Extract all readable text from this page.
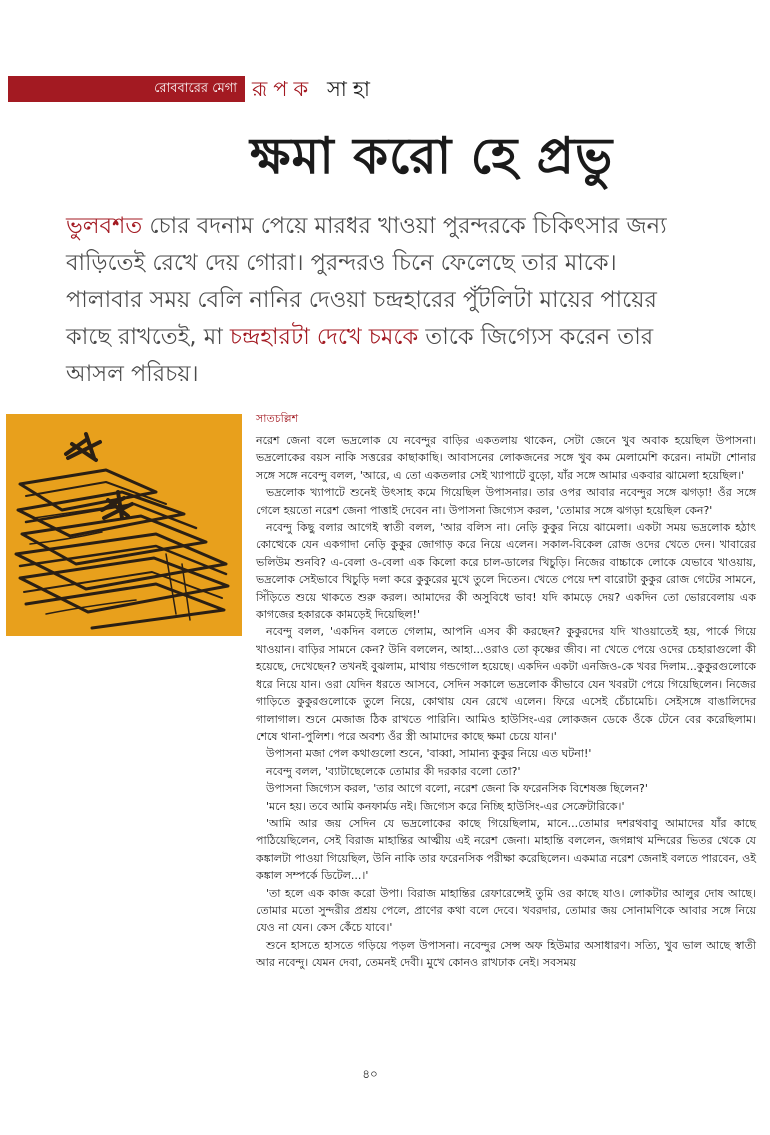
রোববারের মেগা রূপক সাহা
ক্ষমা করো হে প্রভু
ভুলবশত চোর বদনাম পেয়ে মারধর খাওয়া পুরন্দরকে চিকিৎসার জন্য বাড়িতেই রেখে দেয় গোরা। পুরন্দরও চিনে ফেলেছে তার মাকে। পালাবার সময় বেলি নানির দেওয়া চন্দ্রহারের পুঁটলিটা মায়ের পায়ের কাছে রাখতেই, মা চন্দ্রহারটা দেখে চমকে তাকে জিগ্যেস করেন তার আসল পরিচয়।
সাতচল্লিশ

নরেশ জেনা বলে ভদ্রলোক যে নবেন্দুর বাড়ির একতলায় থাকেন, সেটা জেনে খুব অবাক হয়েছিল উপাসনা। ভদ্রলোকের বয়স নাকি সত্তরের কাছাকাছি। আবাসনের লোকজনের সঙ্গে খুব কম মেলামেশি করেন। নামটা শোনার সঙ্গে সঙ্গে নবেন্দু বলল, 'আরে, এ তো একতলার সেই খ্যাপাটে বুড়ো, যাঁর সঙ্গে আমার একবার ঝামেলা হয়েছিল।'

ভদ্রলোক খ্যাপাটে শুনেই উৎসাহ কমে গিয়েছিল উপাসনার। তার ওপর আবার নবেন্দুর সঙ্গে ঝগড়া! ওঁর সঙ্গে গেলে হয়তো নরেশ জেনা পাত্তাই দেবেন না। উপাসনা জিগ্যেস করল, 'তোমার সঙ্গে ঝগড়া হয়েছিল কেন?'

নবেন্দু কিছু বলার আগেই স্বাতী বলল, 'আর বলিস না। নেড়ি কুকুর নিয়ে ঝামেলা। একটা সময় ভদ্রলোক হঠাৎ কোত্থেকে যেন একগাদা নেড়ি কুকুর জোগাড় করে নিয়ে এলেন। সকাল-বিকেল রোজ ওদের খেতে দেন। খাবারের ভলিউম শুনবি? এ-বেলা ও-বেলা এক কিলো করে চাল-ডালের খিচুড়ি। নিজের বাচ্চাকে লোকে যেভাবে খাওয়ায়, ভদ্রলোক সেইভাবে খিচুড়ি দলা করে কুকুরের মুখে তুলে দিতেন। খেতে পেয়ে দশ বারোটা কুকুর রোজ গেটের সামনে, সিঁড়িতে শুয়ে থাকতে শুরু করল। আমাদের কী অসুবিধে ভাব! যদি কামড়ে দেয়? একদিন তো ভোরবেলায় এক কাগজের হকারকে কামড়েই দিয়েছিল!'

নবেন্দু বলল, 'একদিন বলতে গেলাম, আপনি এসব কী করছেন? কুকুরদের যদি খাওয়াতেই হয়, পার্কে গিয়ে খাওয়ান। বাড়ির সামনে কেন? উনি বললেন, আহা...ওরাও তো কৃষ্ণের জীব। না খেতে পেয়ে ওদের চেহারাগুলো কী হয়েছে, দেখেছেন? তখনই বুঝলাম, মাথায় গন্ডগোল হয়েছে। একদিন একটা এনজিও-কে খবর দিলাম...কুকুরগুলোকে ধরে নিয়ে যান। ওরা যেদিন ধরতে আসবে, সেদিন সকালে ভদ্রলোক কীভাবে যেন খবরটা পেয়ে গিয়েছিলেন। নিজের গাড়িতে কুকুরগুলোকে তুলে নিয়ে, কোথায় যেন রেখে এলেন। ফিরে এসেই চেঁচামেচি। সেইসঙ্গে বাঙালিদের গালাগাল। শুনে মেজাজ ঠিক রাখতে পারিনি। আমিও হাউসিং-এর লোকজন ডেকে ওঁকে টেনে বের করেছিলাম। শেষে থানা-পুলিশ। পরে অবশ্য ওঁর স্ত্রী আমাদের কাছে ক্ষমা চেয়ে যান।'

উপাসনা মজা পেল কথাগুলো শুনে, 'বাব্বা, সামান্য কুকুর নিয়ে এত ঘটনা!'

নবেন্দু বলল, 'ব্যাটাছেলেকে তোমার কী দরকার বলো তো?'

উপাসনা জিগ্যেস করল, 'তার আগে বলো, নরেশ জেনা কি ফরেনসিক বিশেষজ্ঞ ছিলেন?'

'মনে হয়। তবে আমি কনফার্মড নই। জিগ্যেস করে নিচ্ছি হাউসিং-এর সেক্রেটারিকে।'

'আমি আর জয় সেদিন যে ভদ্রলোকের কাছে গিয়েছিলাম, মানে...তোমার দশরথবাবু আমাদের যাঁর কাছে পাঠিয়েছিলেন, সেই বিরাজ মাহান্তির আত্মীয় এই নরেশ জেনা। মাহান্তি বললেন, জগন্নাথ মন্দিরের ভিতর থেকে যে কঙ্কালটা পাওয়া গিয়েছিল, উনি নাকি তার ফরেনসিক পরীক্ষা করেছিলেন। একমাত্র নরেশ জেনাই বলতে পারবেন, ওই কঙ্কাল সম্পর্কে ডিটেল...।'

'তা হলে এক কাজ করো উপা। বিরাজ মাহান্তির রেফারেন্সেই তুমি ওর কাছে যাও। লোকটার আলুর দোষ আছে। তোমার মতো সুন্দরীর প্রশ্রয় পেলে, প্রাণের কথা বলে দেবে। খবরদার, তোমার জয় সোনামণিকে আবার সঙ্গে নিয়ে যেও না যেন। কেস কেঁচে যাবে।'

শুনে হাসতে হাসতে গড়িয়ে পড়ল উপাসনা। নবেন্দুর সেন্স অফ হিউমার অসাধারণ। সত্যি, খুব ভাল আছে স্বাতী আর নবেন্দু। যেমন দেবা, তেমনই দেবী। মুখে কোনও রাখঢাক নেই। সবসময়

৪০
